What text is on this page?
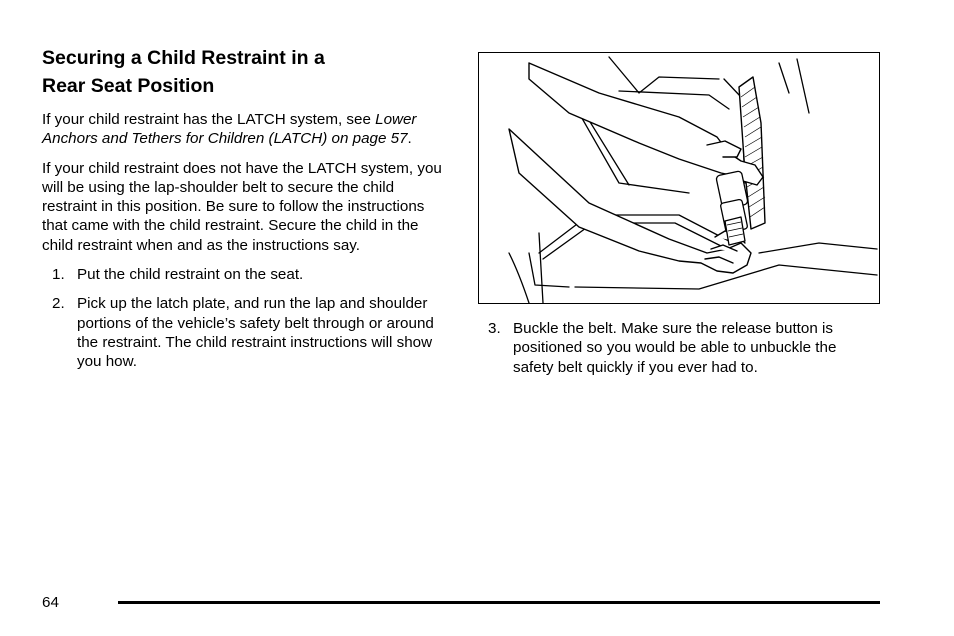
Securing a Child Restraint in a
Rear Seat Position

If your child restraint has the LATCH system, see Lower Anchors and Tethers for Children (LATCH) on page 57.

If your child restraint does not have the LATCH system, you will be using the lap-shoulder belt to secure the child restraint in this position. Be sure to follow the instructions that came with the child restraint. Secure the child in the child restraint when and as the instructions say.

1. Put the child restraint on the seat.
2. Pick up the latch plate, and run the lap and shoulder portions of the vehicle’s safety belt through or around the restraint. The child restraint instructions will show you how.
3. Buckle the belt. Make sure the release button is positioned so you would be able to unbuckle the safety belt quickly if you ever had to.
64
